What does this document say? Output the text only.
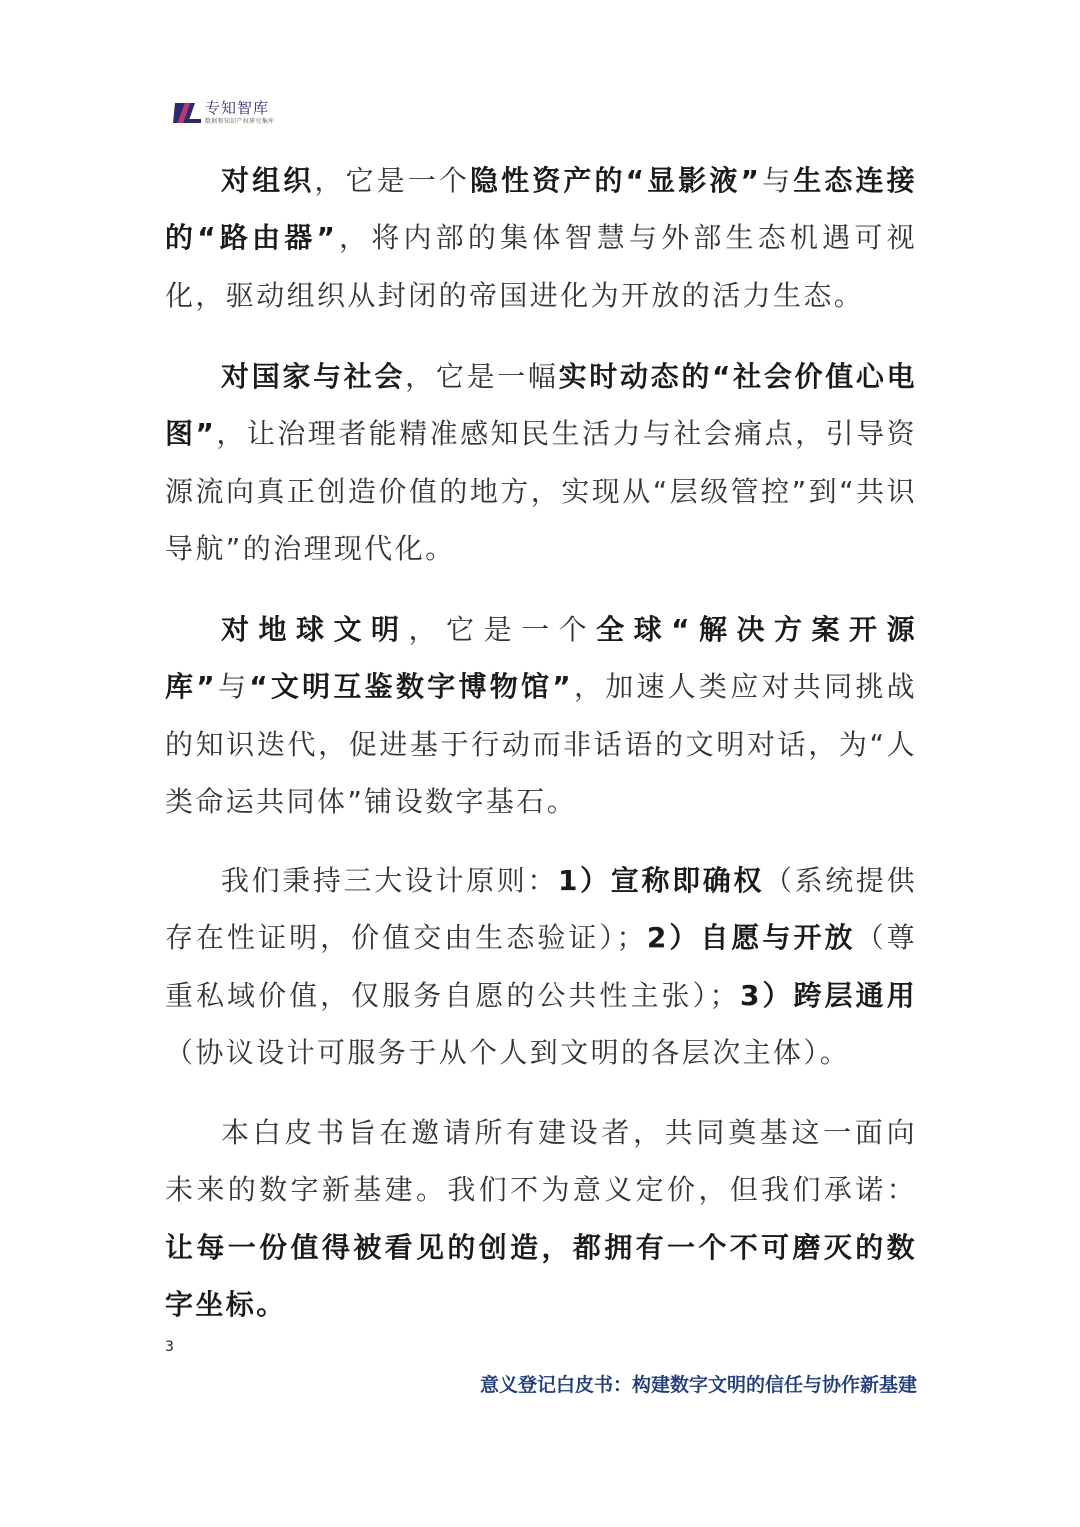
专知智库
数据和知识产权研究集库

对组织，它是一个隐性资产的“显影液”与生态连接的“路由器”，将内部的集体智慧与外部生态机遇可视化，驱动组织从封闭的帝国进化为开放的活力生态。

对国家与社会，它是一幅实时动态的“社会价值心电图”，让治理者能精准感知民生活力与社会痛点，引导资源流向真正创造价值的地方，实现从“层级管控”到“共识导航”的治理现代化。

对地球文明，它是一个全球“解决方案开源库”与“文明互鉴数字博物馆”，加速人类应对共同挑战的知识迭代，促进基于行动而非话语的文明对话，为“人类命运共同体”铺设数字基石。

我们秉持三大设计原则：1）宣称即确权（系统提供存在性证明，价值交由生态验证）；2）自愿与开放（尊重私域价值，仅服务自愿的公共性主张）；3）跨层通用（协议设计可服务于从个人到文明的各层次主体）。

本白皮书旨在邀请所有建设者，共同奠基这一面向未来的数字新基建。我们不为意义定价，但我们承诺：让每一份值得被看见的创造，都拥有一个不可磨灭的数字坐标。

3
意义登记白皮书：构建数字文明的信任与协作新基建
